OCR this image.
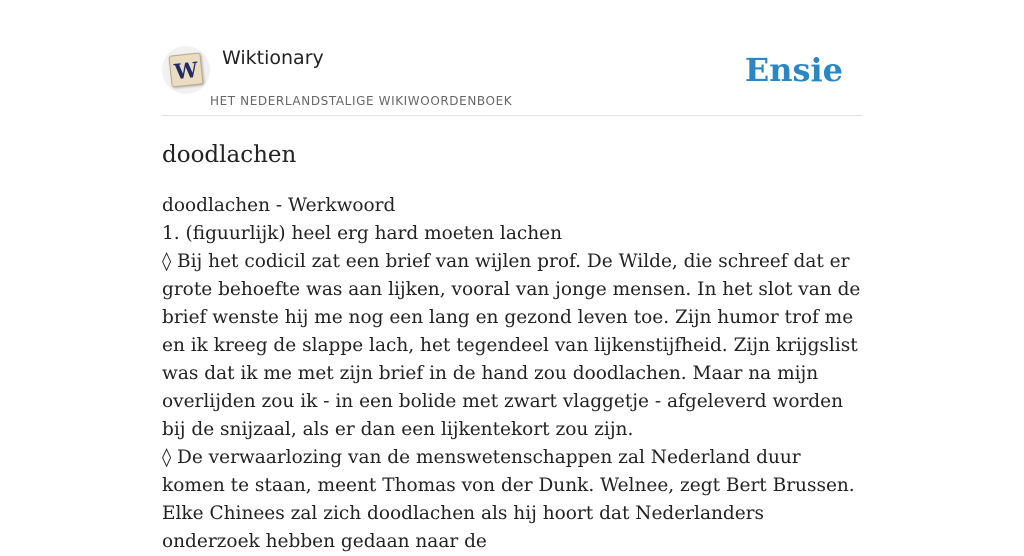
W Wiktionary
HET NEDERLANDSTALIGE WIKIWOORDENBOEK
Ensie
doodlachen
doodlachen - Werkwoord
1. (figuurlijk) heel erg hard moeten lachen
◊ Bij het codicil zat een brief van wijlen prof. De Wilde, die schreef dat er grote behoefte was aan lijken, vooral van jonge mensen. In het slot van de brief wenste hij me nog een lang en gezond leven toe. Zijn humor trof me en ik kreeg de slappe lach, het tegendeel van lijkenstijfheid. Zijn krijgslist was dat ik me met zijn brief in de hand zou doodlachen. Maar na mijn overlijden zou ik - in een bolide met zwart vlaggetje - afgeleverd worden bij de snijzaal, als er dan een lijkentekort zou zijn.
◊ De verwaarlozing van de menswetenschappen zal Nederland duur komen te staan, meent Thomas von der Dunk. Welnee, zegt Bert Brussen. Elke Chinees zal zich doodlachen als hij hoort dat Nederlanders onderzoek hebben gedaan naar de
